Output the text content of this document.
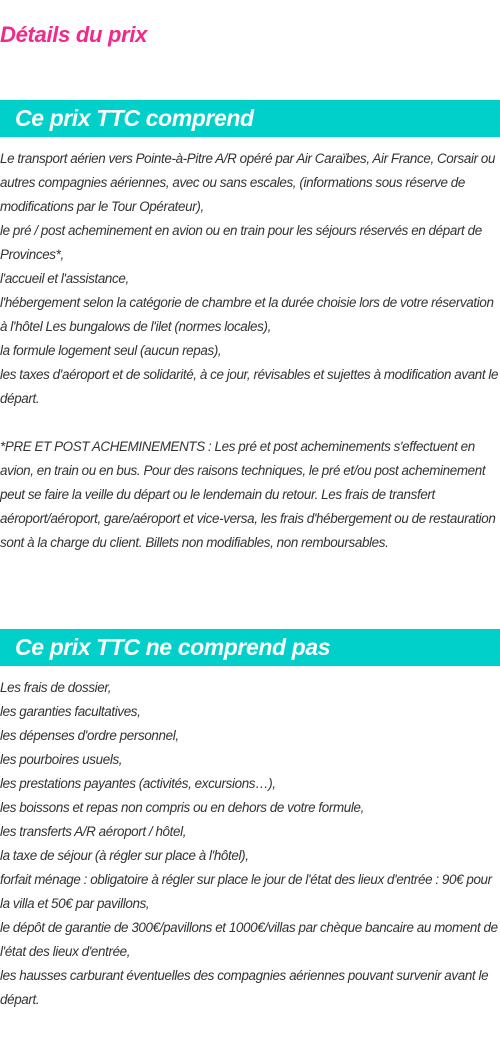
Détails du prix
Ce prix TTC comprend

Le transport aérien vers Pointe-à-Pitre A/R opéré par Air Caraïbes, Air France, Corsair ou autres compagnies aériennes, avec ou sans escales, (informations sous réserve de modifications par le Tour Opérateur),

le pré / post acheminement en avion ou en train pour les séjours réservés en départ de Provinces*,

l'accueil et l'assistance,

l'hébergement selon la catégorie de chambre et la durée choisie lors de votre réservation à l'hôtel Les bungalows de l'ilet (normes locales),

la formule logement seul (aucun repas),

les taxes d'aéroport et de solidarité, à ce jour, révisables et sujettes à modification avant le départ.

*PRE ET POST ACHEMINEMENTS : Les pré et post acheminements s'effectuent en avion, en train ou en bus. Pour des raisons techniques, le pré et/ou post acheminement peut se faire la veille du départ ou le lendemain du retour. Les frais de transfert aéroport/aéroport, gare/aéroport et vice-versa, les frais d'hébergement ou de restauration sont à la charge du client. Billets non modifiables, non remboursables.

Ce prix TTC ne comprend pas

Les frais de dossier,

les garanties facultatives,

les dépenses d'ordre personnel,

les pourboires usuels,

les prestations payantes (activités, excursions…),

les boissons et repas non compris ou en dehors de votre formule,

les transferts A/R aéroport / hôtel,

la taxe de séjour (à régler sur place à l'hôtel),

forfait ménage : obligatoire à régler sur place le jour de l'état des lieux d'entrée : 90€ pour la villa et 50€ par pavillons,

le dépôt de garantie de 300€/pavillons et 1000€/villas par chèque bancaire au moment de l'état des lieux d'entrée,

les hausses carburant éventuelles des compagnies aériennes pouvant survenir avant le départ.
